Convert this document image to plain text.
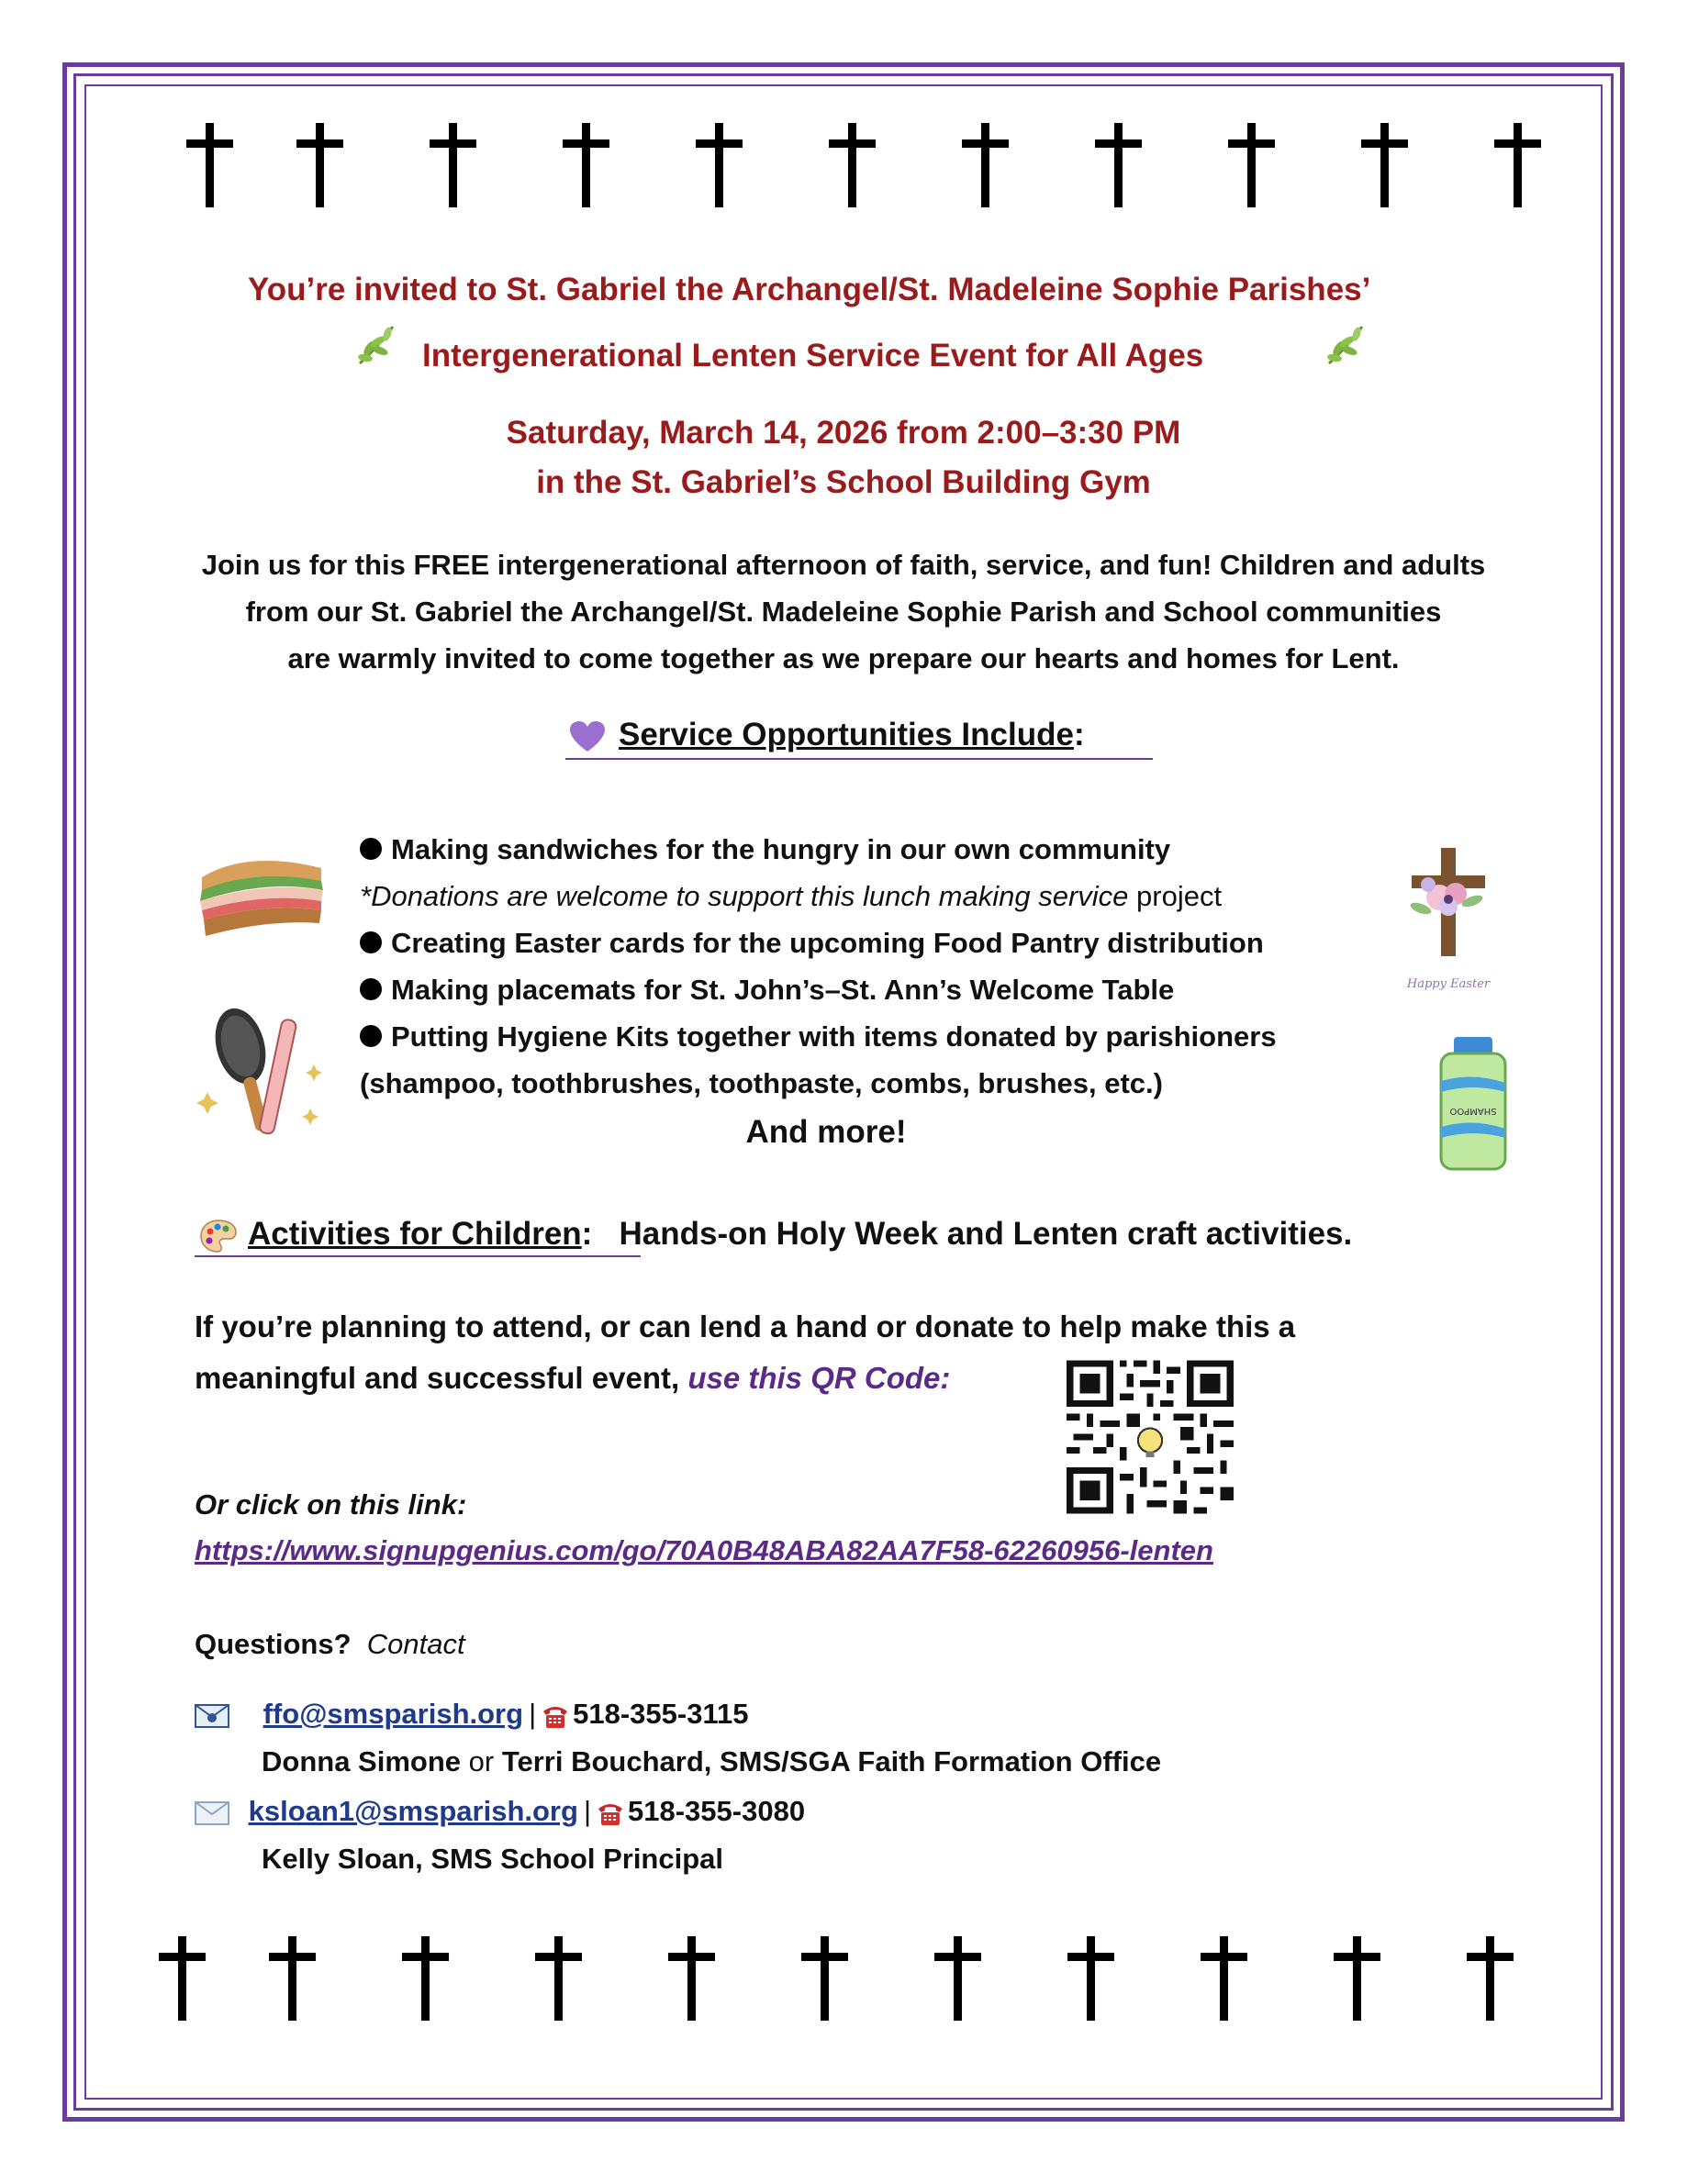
You’re invited to St. Gabriel the Archangel/St. Madeleine Sophie Parishes’
Intergenerational Lenten Service Event for All Ages
Saturday, March 14, 2026 from 2:00–3:30 PM
in the St. Gabriel’s School Building Gym
Join us for this FREE intergenerational afternoon of faith, service, and fun! Children and adults
from our St. Gabriel the Archangel/St. Madeleine Sophie Parish and School communities
are warmly invited to come together as we prepare our hearts and homes for Lent.
Service Opportunities Include:
Making sandwiches for the hungry in our own community
*Donations are welcome to support this lunch making service project
Creating Easter cards for the upcoming Food Pantry distribution
Making placemats for St. John’s–St. Ann’s Welcome Table
Putting Hygiene Kits together with items donated by parishioners
(shampoo, toothbrushes, toothpaste, combs, brushes, etc.)
And more!
Happy Easter
SHAMPOO
Activities for Children: Hands-on Holy Week and Lenten craft activities.
If you’re planning to attend, or can lend a hand or donate to help make this a
meaningful and successful event, use this QR Code:
Or click on this link:
https://www.signupgenius.com/go/70A0B48ABA82AA7F58-62260956-lenten
Questions? Contact
ffo@smsparish.org | 518-355-3115
Donna Simone or Terri Bouchard, SMS/SGA Faith Formation Office
ksloan1@smsparish.org | 518-355-3080
Kelly Sloan, SMS School Principal
